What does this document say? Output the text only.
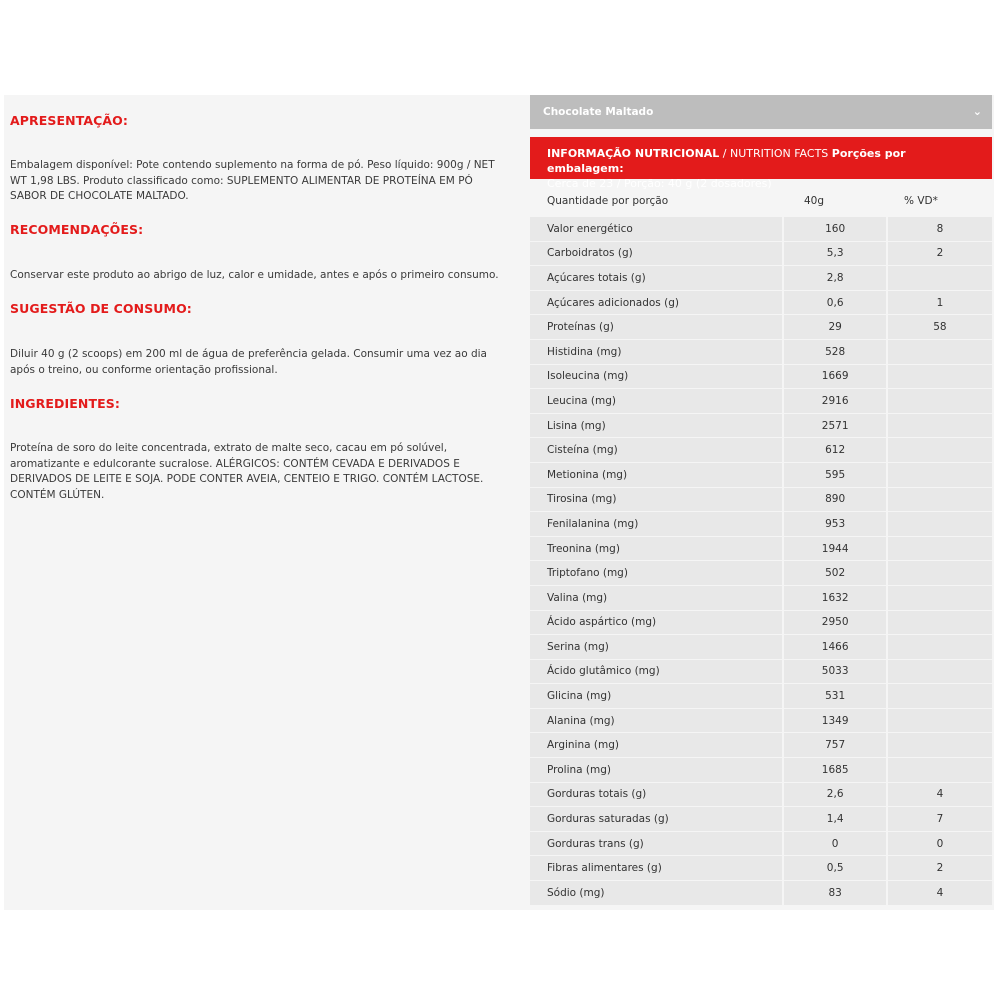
APRESENTAÇÃO:
Embalagem disponível: Pote contendo suplemento na forma de pó. Peso líquido: 900g / NET WT 1,98 LBS. Produto classificado como: SUPLEMENTO ALIMENTAR DE PROTEÍNA EM PÓ SABOR DE CHOCOLATE MALTADO.
RECOMENDAÇÕES:
Conservar este produto ao abrigo de luz, calor e umidade, antes e após o primeiro consumo.
SUGESTÃO DE CONSUMO:
Diluir 40 g (2 scoops) em 200 ml de água de preferência gelada. Consumir uma vez ao dia após o treino, ou conforme orientação profissional.
INGREDIENTES:
Proteína de soro do leite concentrada, extrato de malte seco, cacau em pó solúvel, aromatizante e edulcorante sucralose. ALÉRGICOS: CONTÉM CEVADA E DERIVADOS E DERIVADOS DE LEITE E SOJA. PODE CONTER AVEIA, CENTEIO E TRIGO. CONTÉM LACTOSE. CONTÉM GLÚTEN.
Chocolate Maltado	⌄
INFORMAÇÃO NUTRICIONAL / NUTRITION FACTS Porções por embalagem:
Cerca de 23 / Porção: 40 g (2 dosadores)
Quantidade por porção	40g	% VD*
Valor energético	160	8
Carboidratos (g)	5,3	2
Açúcares totais (g)	2,8	
Açúcares adicionados (g)	0,6	1
Proteínas (g)	29	58
Histidina (mg)	528	
Isoleucina (mg)	1669	
Leucina (mg)	2916	
Lisina (mg)	2571	
Cisteína (mg)	612	
Metionina (mg)	595	
Tirosina (mg)	890	
Fenilalanina (mg)	953	
Treonina (mg)	1944	
Triptofano (mg)	502	
Valina (mg)	1632	
Ácido aspártico (mg)	2950	
Serina (mg)	1466	
Ácido glutâmico (mg)	5033	
Glicina (mg)	531	
Alanina (mg)	1349	
Arginina (mg)	757	
Prolina (mg)	1685	
Gorduras totais (g)	2,6	4
Gorduras saturadas (g)	1,4	7
Gorduras trans (g)	0	0
Fibras alimentares (g)	0,5	2
Sódio (mg)	83	4
